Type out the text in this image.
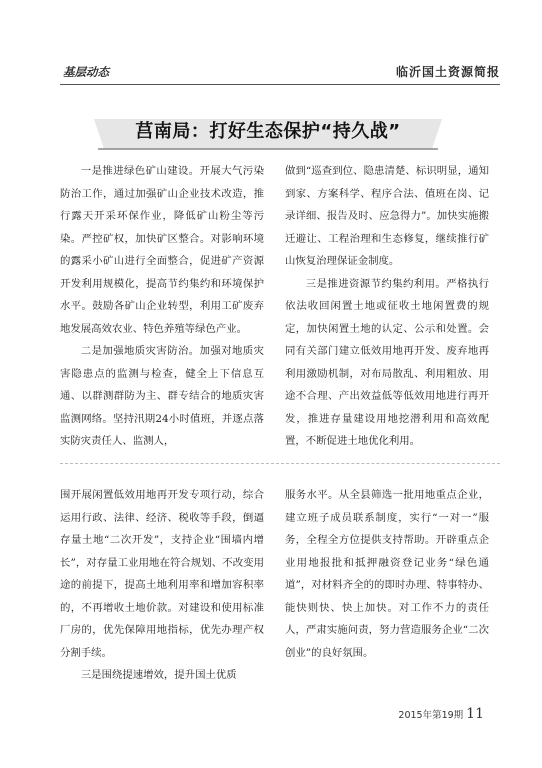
基层动态	临沂国土资源简报
莒南局：打好生态保护“持久战”

一是推进绿色矿山建设。开展大气污染防治工作，通过加强矿山企业技术改造，推行露天开采环保作业，降低矿山粉尘等污染。严控矿权，加快矿区整合。对影响环境的露采小矿山进行全面整合，促进矿产资源开发利用规模化，提高节约集约和环境保护水平。鼓励各矿山企业转型，利用工矿废弃地发展高效农业、特色养殖等绿色产业。

二是加强地质灾害防治。加强对地质灾害隐患点的监测与检查，健全上下信息互通、以群测群防为主、群专结合的地质灾害监测网络。坚持汛期24小时值班，并逐点落实防灾责任人、监测人，

做到“巡查到位、隐患清楚、标识明显，通知到家、方案科学、程序合法、值班在岗、记录详细、报告及时、应急得力”。加快实施搬迁避让、工程治理和生态修复，继续推行矿山恢复治理保证金制度。

三是推进资源节约集约利用。严格执行依法收回闲置土地或征收土地闲置费的规定，加快闲置土地的认定、公示和处置。会同有关部门建立低效用地再开发、废弃地再利用激励机制，对布局散乱、利用粗放、用途不合理、产出效益低等低效用地进行再开发，推进存量建设用地挖潜利用和高效配置，不断促进土地优化利用。

围开展闲置低效用地再开发专项行动，综合运用行政、法律、经济、税收等手段，倒逼存量土地“二次开发”，支持企业“围墙内增长”，对存量工业用地在符合规划、不改变用途的前提下，提高土地利用率和增加容积率的，不再增收土地价款。对建设和使用标准厂房的，优先保障用地指标，优先办理产权分割手续。

三是围绕提速增效，提升国土优质

服务水平。从全县筛选一批用地重点企业，建立班子成员联系制度，实行“一对一”服务，全程全方位提供支持帮助。开辟重点企业用地报批和抵押融资登记业务“绿色通道”，对材料齐全的的即时办理、特事特办、能快则快、快上加快。对工作不力的责任人，严肃实施问责，努力营造服务企业“二次创业”的良好氛围。

2015年第19期 11
